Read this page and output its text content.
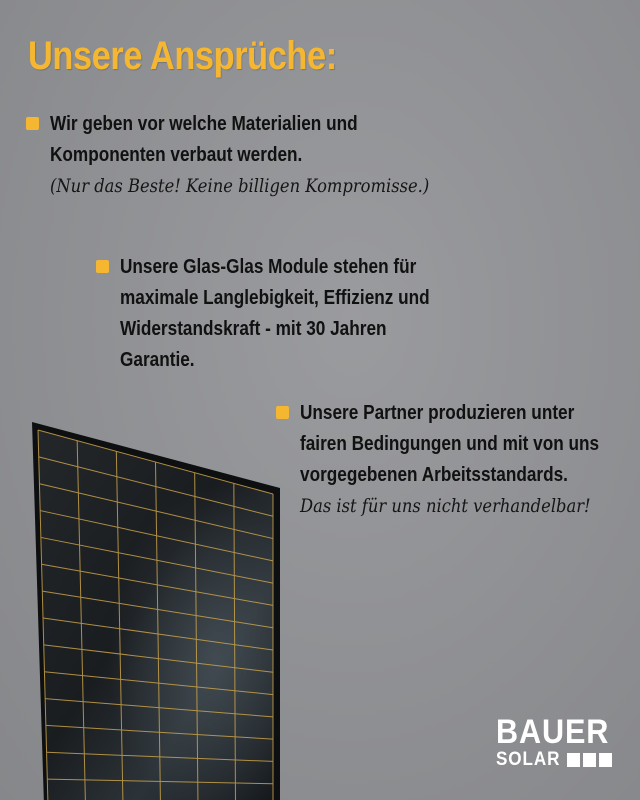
Unsere Ansprüche:
Wir geben vor welche Materialien und
Komponenten verbaut werden.
(Nur das Beste! Keine billigen Kompromisse.)
Unsere Glas-Glas Module stehen für
maximale Langlebigkeit, Effizienz und
Widerstandskraft - mit 30 Jahren
Garantie.
Unsere Partner produzieren unter
fairen Bedingungen und mit von uns
vorgegebenen Arbeitsstandards.
Das ist für uns nicht verhandelbar!
BAUER
SOLAR
